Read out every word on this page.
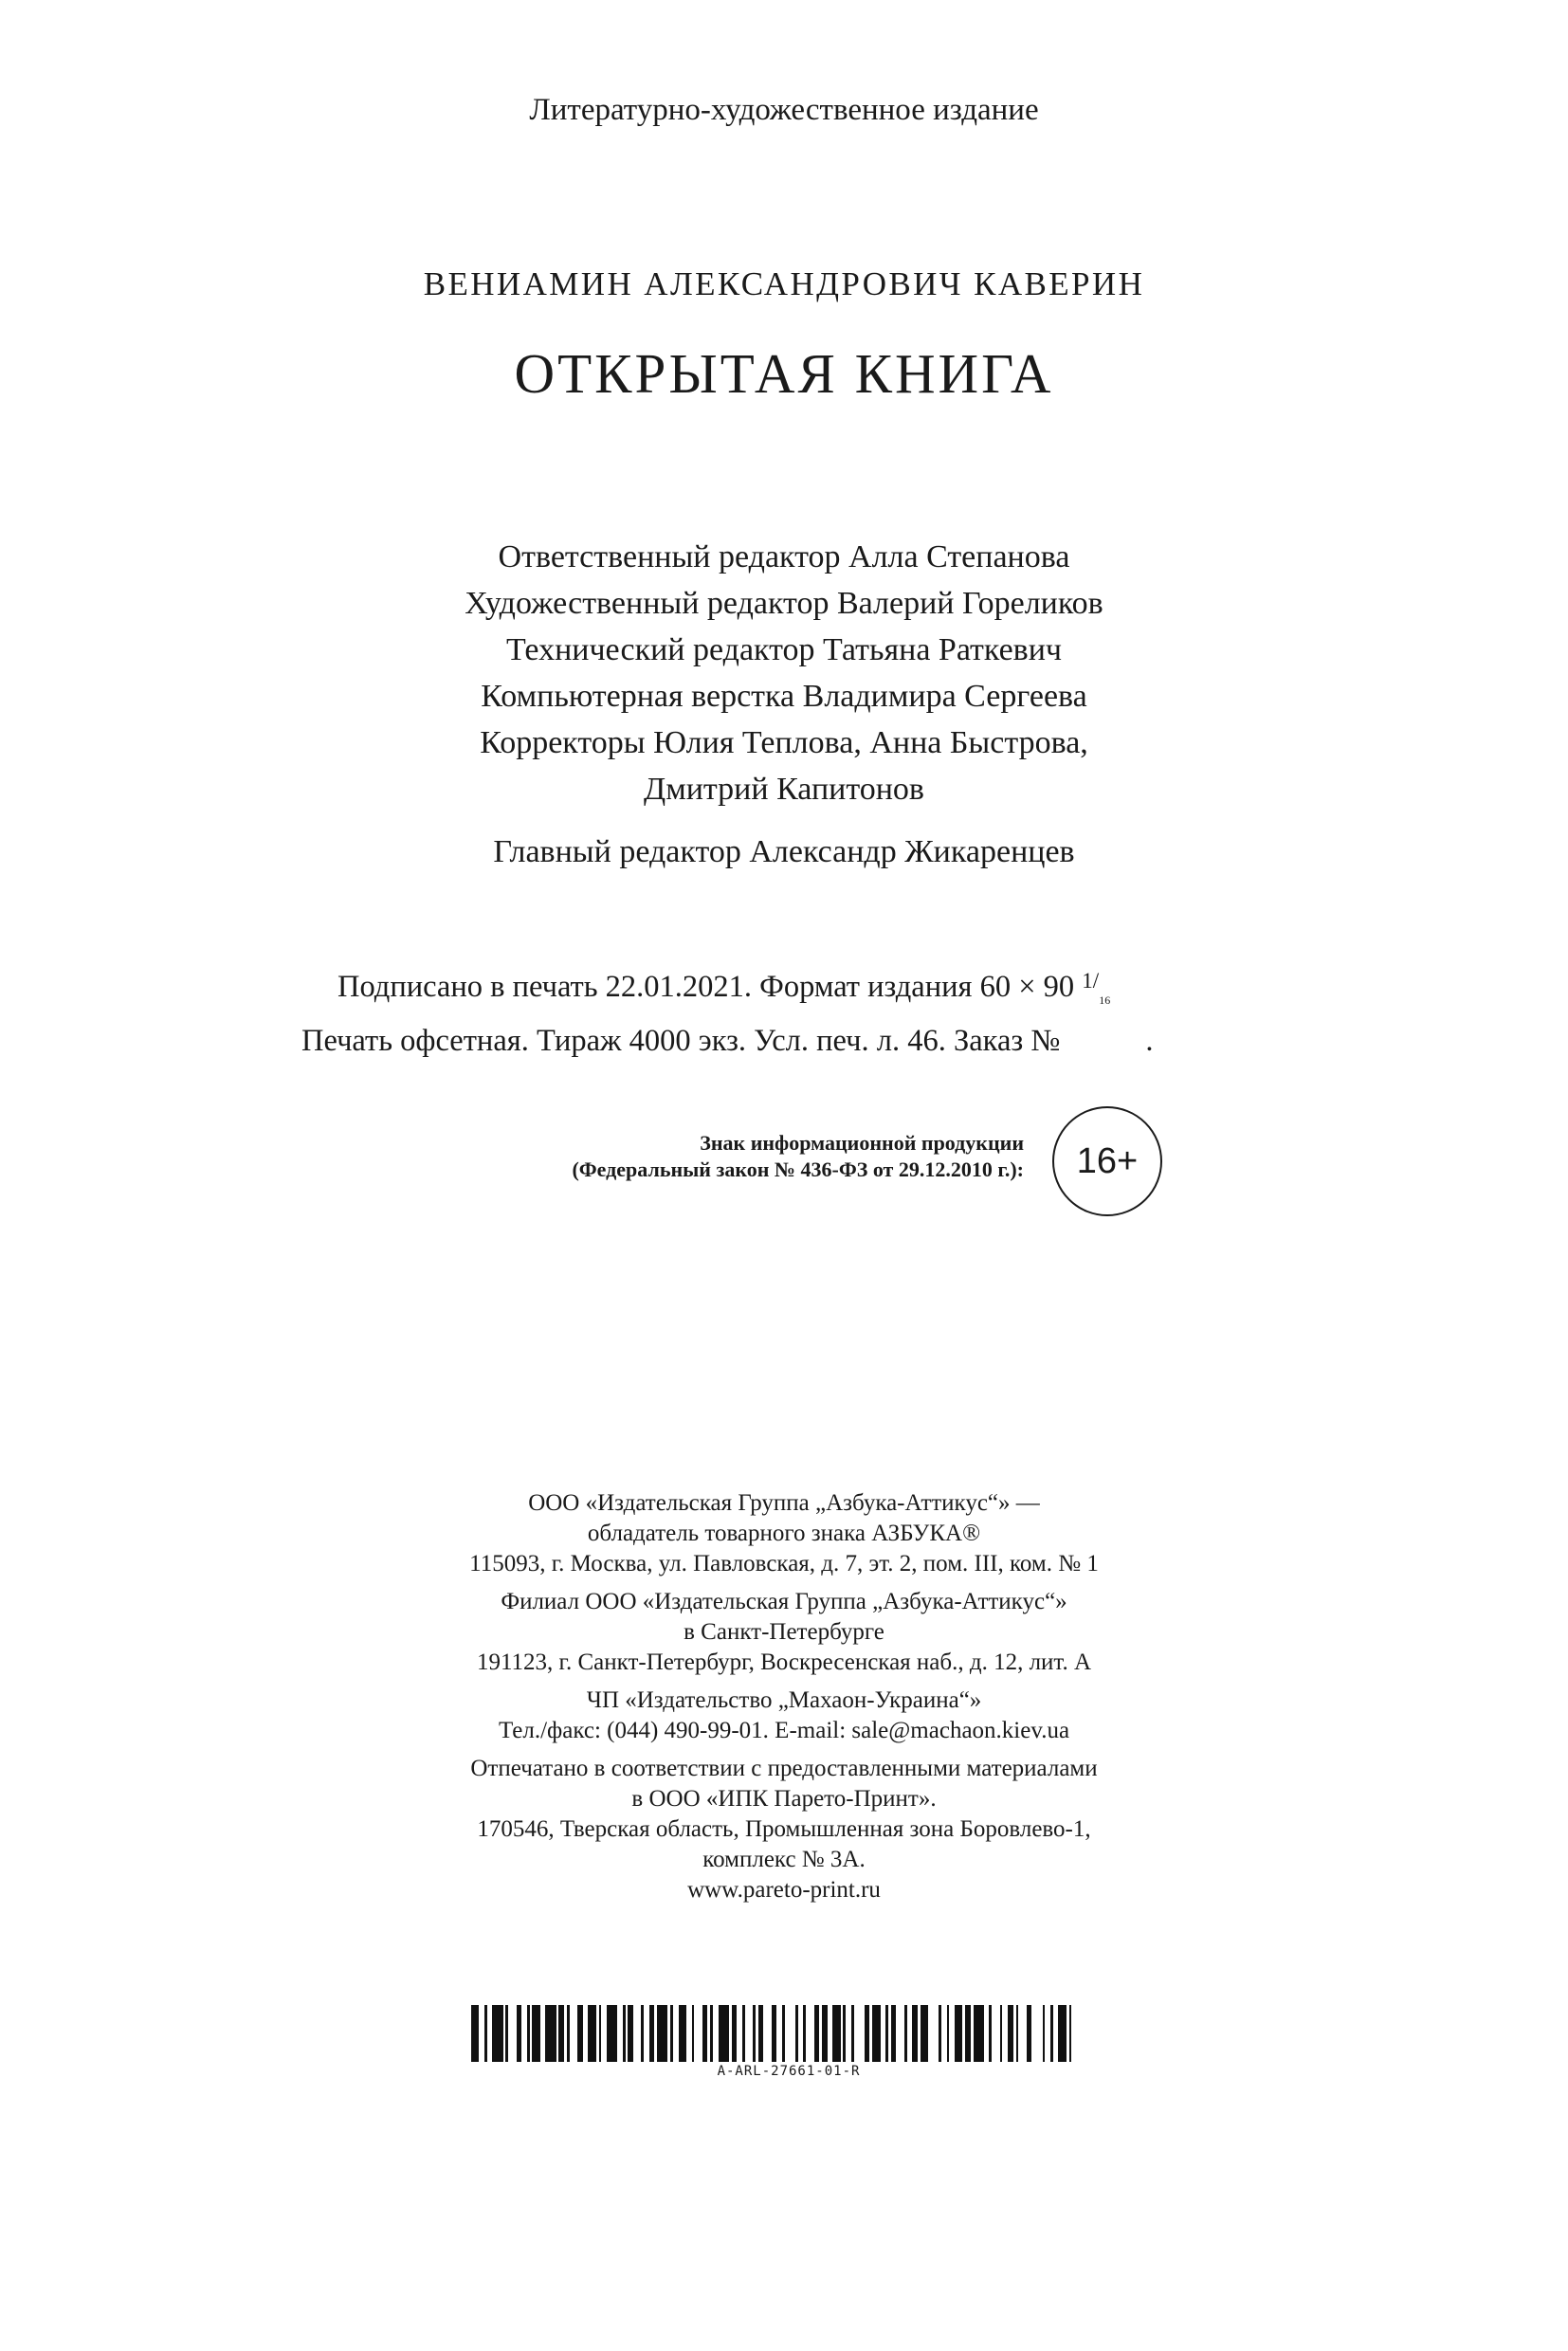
Литературно-художественное издание
ВЕНИАМИН АЛЕКСАНДРОВИЧ КАВЕРИН
ОТКРЫТАЯ КНИГА
Ответственный редактор Алла Степанова
Художественный редактор Валерий Гореликов
Технический редактор Татьяна Раткевич
Компьютерная верстка Владимира Сергеева
Корректоры Юлия Теплова, Анна Быстрова,
Дмитрий Капитонов
Главный редактор Александр Жикаренцев
Подписано в печать 22.01.2021. Формат издания 60 × 90 $^{1/}_{16}$
Печать офсетная. Тираж 4000 экз. Усл. печ. л. 46. Заказ №	.
Знак информационной продукции
(Федеральный закон № 436-ФЗ от 29.12.2010 г.):	16+
ООО «Издательская Группа „Азбука-Аттикус“» —
обладатель товарного знака АЗБУКА®
115093, г. Москва, ул. Павловская, д. 7, эт. 2, пом. III, ком. № 1
Филиал ООО «Издательская Группа „Азбука-Аттикус“»
в Санкт-Петербурге
191123, г. Санкт-Петербург, Воскресенская наб., д. 12, лит. А
ЧП «Издательство „Махаон-Украина“»
Тел./факс: (044) 490-99-01. E-mail: sale@machaon.kiev.ua
Отпечатано в соответствии с предоставленными материалами
в ООО «ИПК Парето-Принт».
170546, Тверская область, Промышленная зона Боровлево-1,
комплекс № 3А.
www.pareto-print.ru
A-ARL-27661-01-R
